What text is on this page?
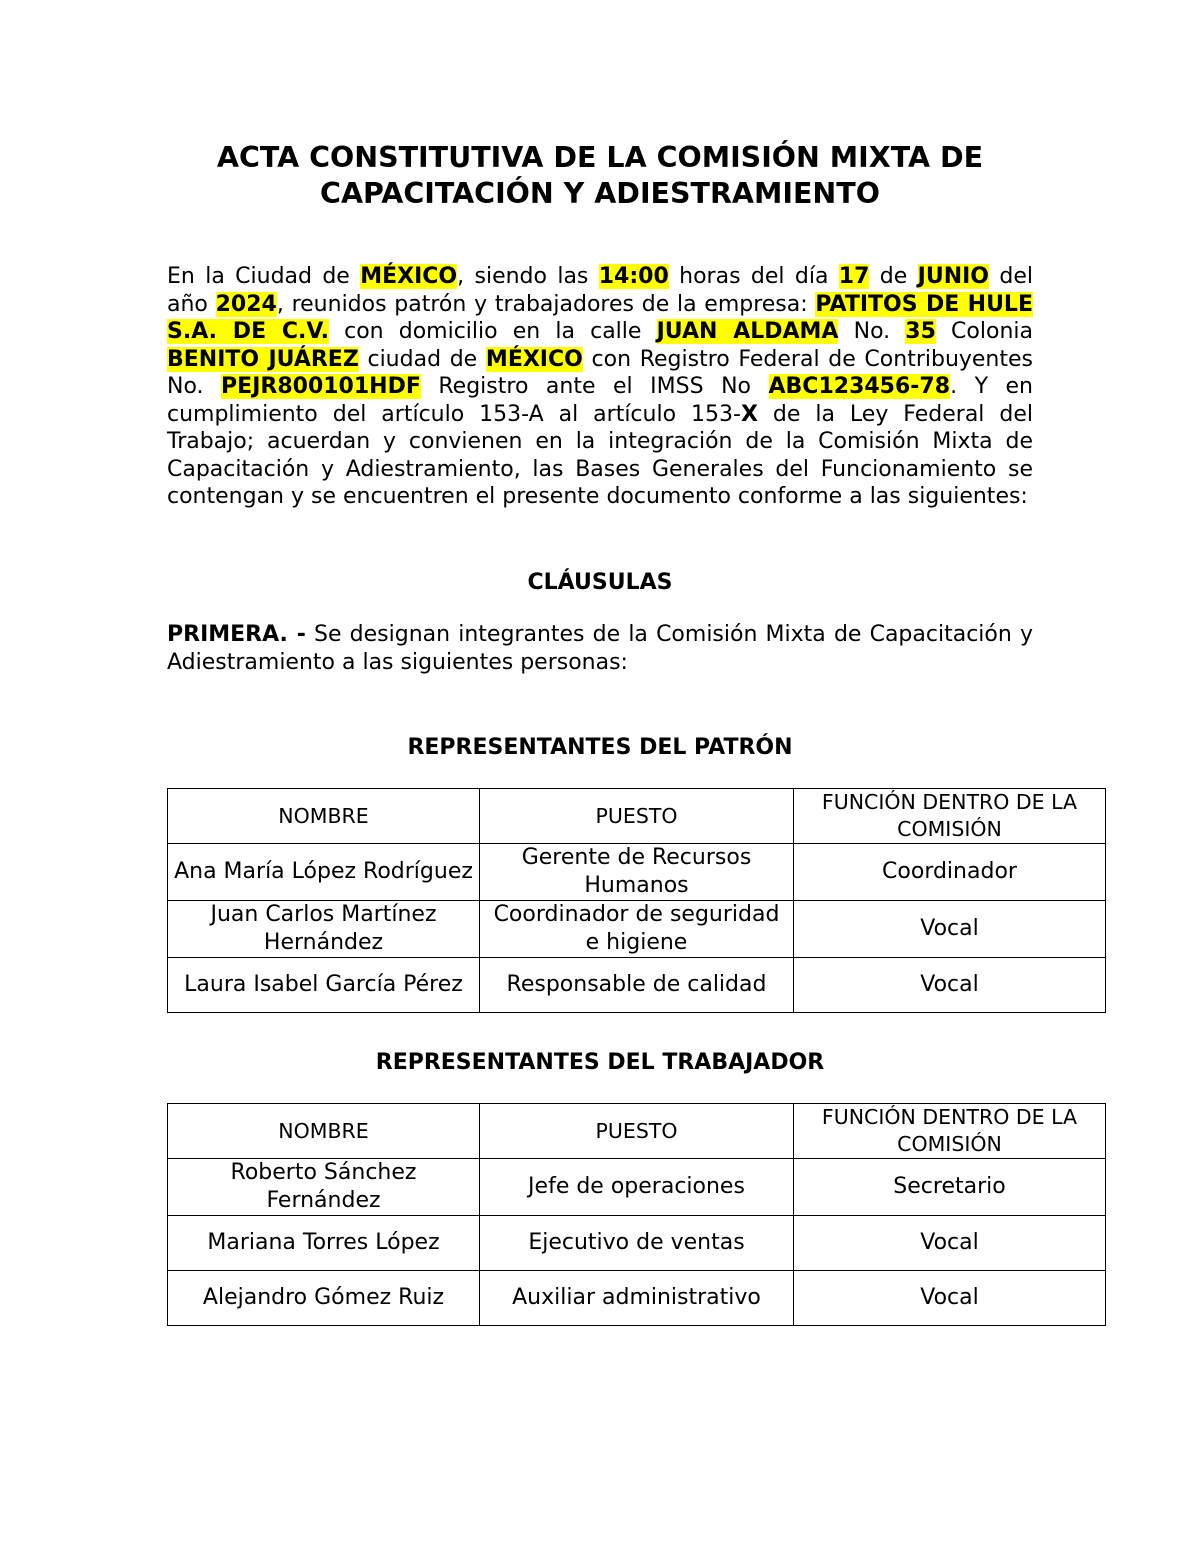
ACTA CONSTITUTIVA DE LA COMISIÓN MIXTA DE
CAPACITACIÓN Y ADIESTRAMIENTO
En la Ciudad de MÉXICO, siendo las 14:00 horas del día 17 de JUNIO del año 2024, reunidos patrón y trabajadores de la empresa: PATITOS DE HULE S.A. DE C.V. con domicilio en la calle JUAN ALDAMA No. 35 Colonia BENITO JUÁREZ ciudad de MÉXICO con Registro Federal de Contribuyentes No. PEJR800101HDF Registro ante el IMSS No ABC123456-78. Y en cumplimiento del artículo 153-A al artículo 153-X de la Ley Federal del Trabajo; acuerdan y convienen en la integración de la Comisión Mixta de Capacitación y Adiestramiento, las Bases Generales del Funcionamiento se contengan y se encuentren el presente documento conforme a las siguientes:
CLÁUSULAS
PRIMERA. - Se designan integrantes de la Comisión Mixta de Capacitación y Adiestramiento a las siguientes personas:
REPRESENTANTES DEL PATRÓN
REPRESENTANTES DEL TRABAJADOR
NOMBRE	PUESTO	FUNCIÓN DENTRO DE LA COMISIÓN
Ana María López Rodríguez	Gerente de Recursos Humanos	Coordinador
Juan Carlos Martínez Hernández	Coordinador de seguridad e higiene	Vocal
Laura Isabel García Pérez	Responsable de calidad	Vocal
NOMBRE	PUESTO	FUNCIÓN DENTRO DE LA COMISIÓN
Roberto Sánchez Fernández	Jefe de operaciones	Secretario
Mariana Torres López	Ejecutivo de ventas	Vocal
Alejandro Gómez Ruiz	Auxiliar administrativo	Vocal
